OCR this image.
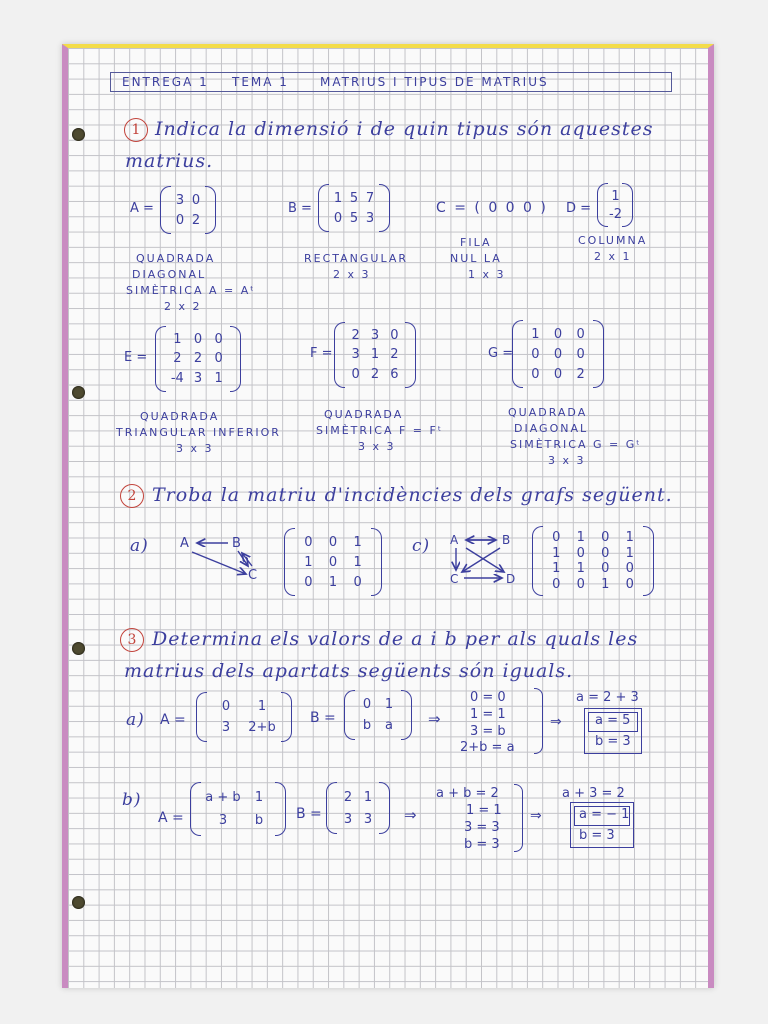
ENTREGA 1 TEMA 1	MATRIUS I TIPUS DE MATRIUS
1 Indica la dimensió i de quin tipus són aquestes
matrius.
A =
3 0
0 2
B =
1 5 7
0 5 3
C = ( 0 0 0 ) D =
1
-2
QUADRADA
DIAGONAL
SIMÈTRICA A = Aᵗ
2 x 2
RECTANGULAR
2 x 3
FILA
NUL LA
1 x 3
COLUMNA
2 x 1
E =
1 0 0
2 2 0
-4 3 1
F =
2 3 0
3 1 2
0 2 6
G =
1 0 0
0 0 0
0 0 2
QUADRADA
TRIANGULAR INFERIOR
3 x 3
QUADRADA
SIMÈTRICA F = Fᵗ
3 x 3
QUADRADA
DIAGONAL
SIMÈTRICA G = Gᵗ
3 x 3
2 Troba la matriu d'incidències dels grafs següent.
a) A	B
C
0 0 1
1 0 1
0 1 0
c) A	B
C	D
0 1 0 1
1 0 0 1
1 1 0 0
0 0 1 0
3 Determina els valors de a i b per als quals les
matrius dels apartats següents són iguals.
a) A =
0 1
3 2+b
B =
0 1
b a ⇒
0 = 0
1 = 1
3 = b
2+b = a
⇒
a = 2 + 3
a = 5
b = 3
b)
A =
a + b 1
3 b B =
2 1
3 3 ⇒
a + b = 2
1 = 1
3 = 3
b = 3
⇒
a + 3 = 2
a = − 1
b = 3
